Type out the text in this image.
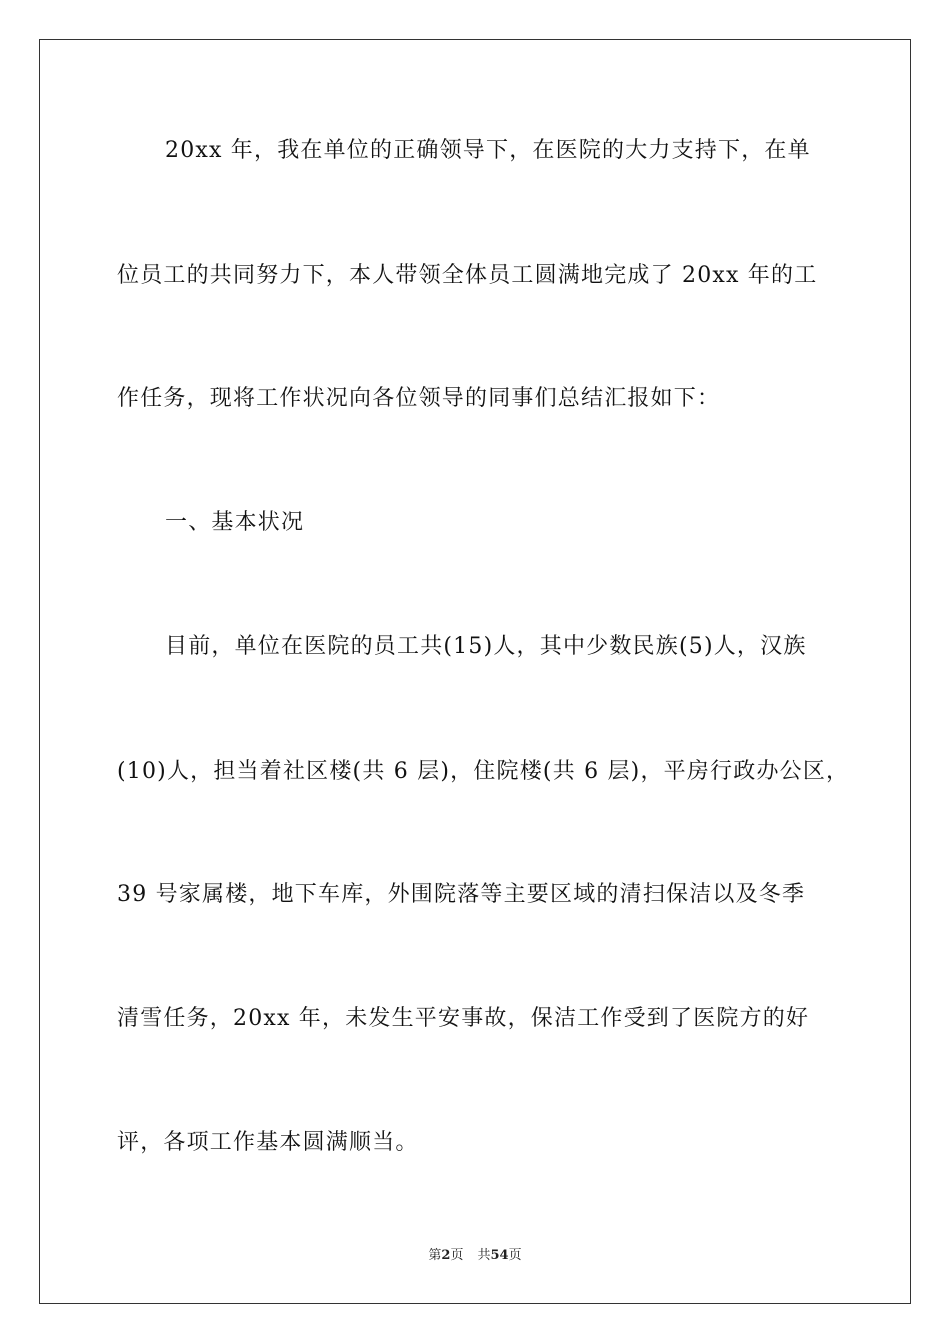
20xx 年，我在单位的正确领导下，在医院的大力支持下，在单
位员工的共同努力下，本人带领全体员工圆满地完成了 20xx 年的工
作任务，现将工作状况向各位领导的同事们总结汇报如下：
一、基本状况
目前，单位在医院的员工共(15)人，其中少数民族(5)人，汉族
(10)人，担当着社区楼(共 6 层)，住院楼(共 6 层)，平房行政办公区，
39 号家属楼，地下车库，外围院落等主要区域的清扫保洁以及冬季
清雪任务，20xx 年，未发生平安事故，保洁工作受到了医院方的好
评，各项工作基本圆满顺当。
第2页 共54页
